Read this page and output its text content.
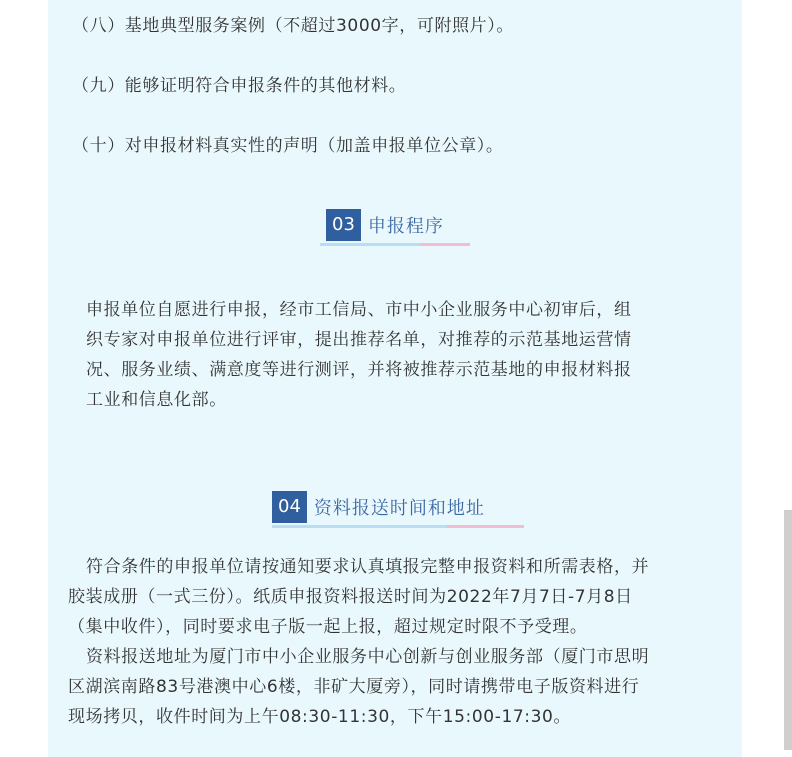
（八）基地典型服务案例（不超过3000字，可附照片）。
（九）能够证明符合申报条件的其他材料。
（十）对申报材料真实性的声明（加盖申报单位公章）。
03 申报程序
申报单位自愿进行申报，经市工信局、市中小企业服务中心初审后，组
织专家对申报单位进行评审，提出推荐名单，对推荐的示范基地运营情
况、服务业绩、满意度等进行测评，并将被推荐示范基地的申报材料报
工业和信息化部。
04 资料报送时间和地址
符合条件的申报单位请按通知要求认真填报完整申报资料和所需表格，并
胶装成册（一式三份）。纸质申报资料报送时间为2022年7月7日-7月8日
（集中收件），同时要求电子版一起上报，超过规定时限不予受理。
资料报送地址为厦门市中小企业服务中心创新与创业服务部（厦门市思明
区湖滨南路83号港澳中心6楼，非矿大厦旁），同时请携带电子版资料进行
现场拷贝，收件时间为上午08:30-11:30，下午15:00-17:30。
